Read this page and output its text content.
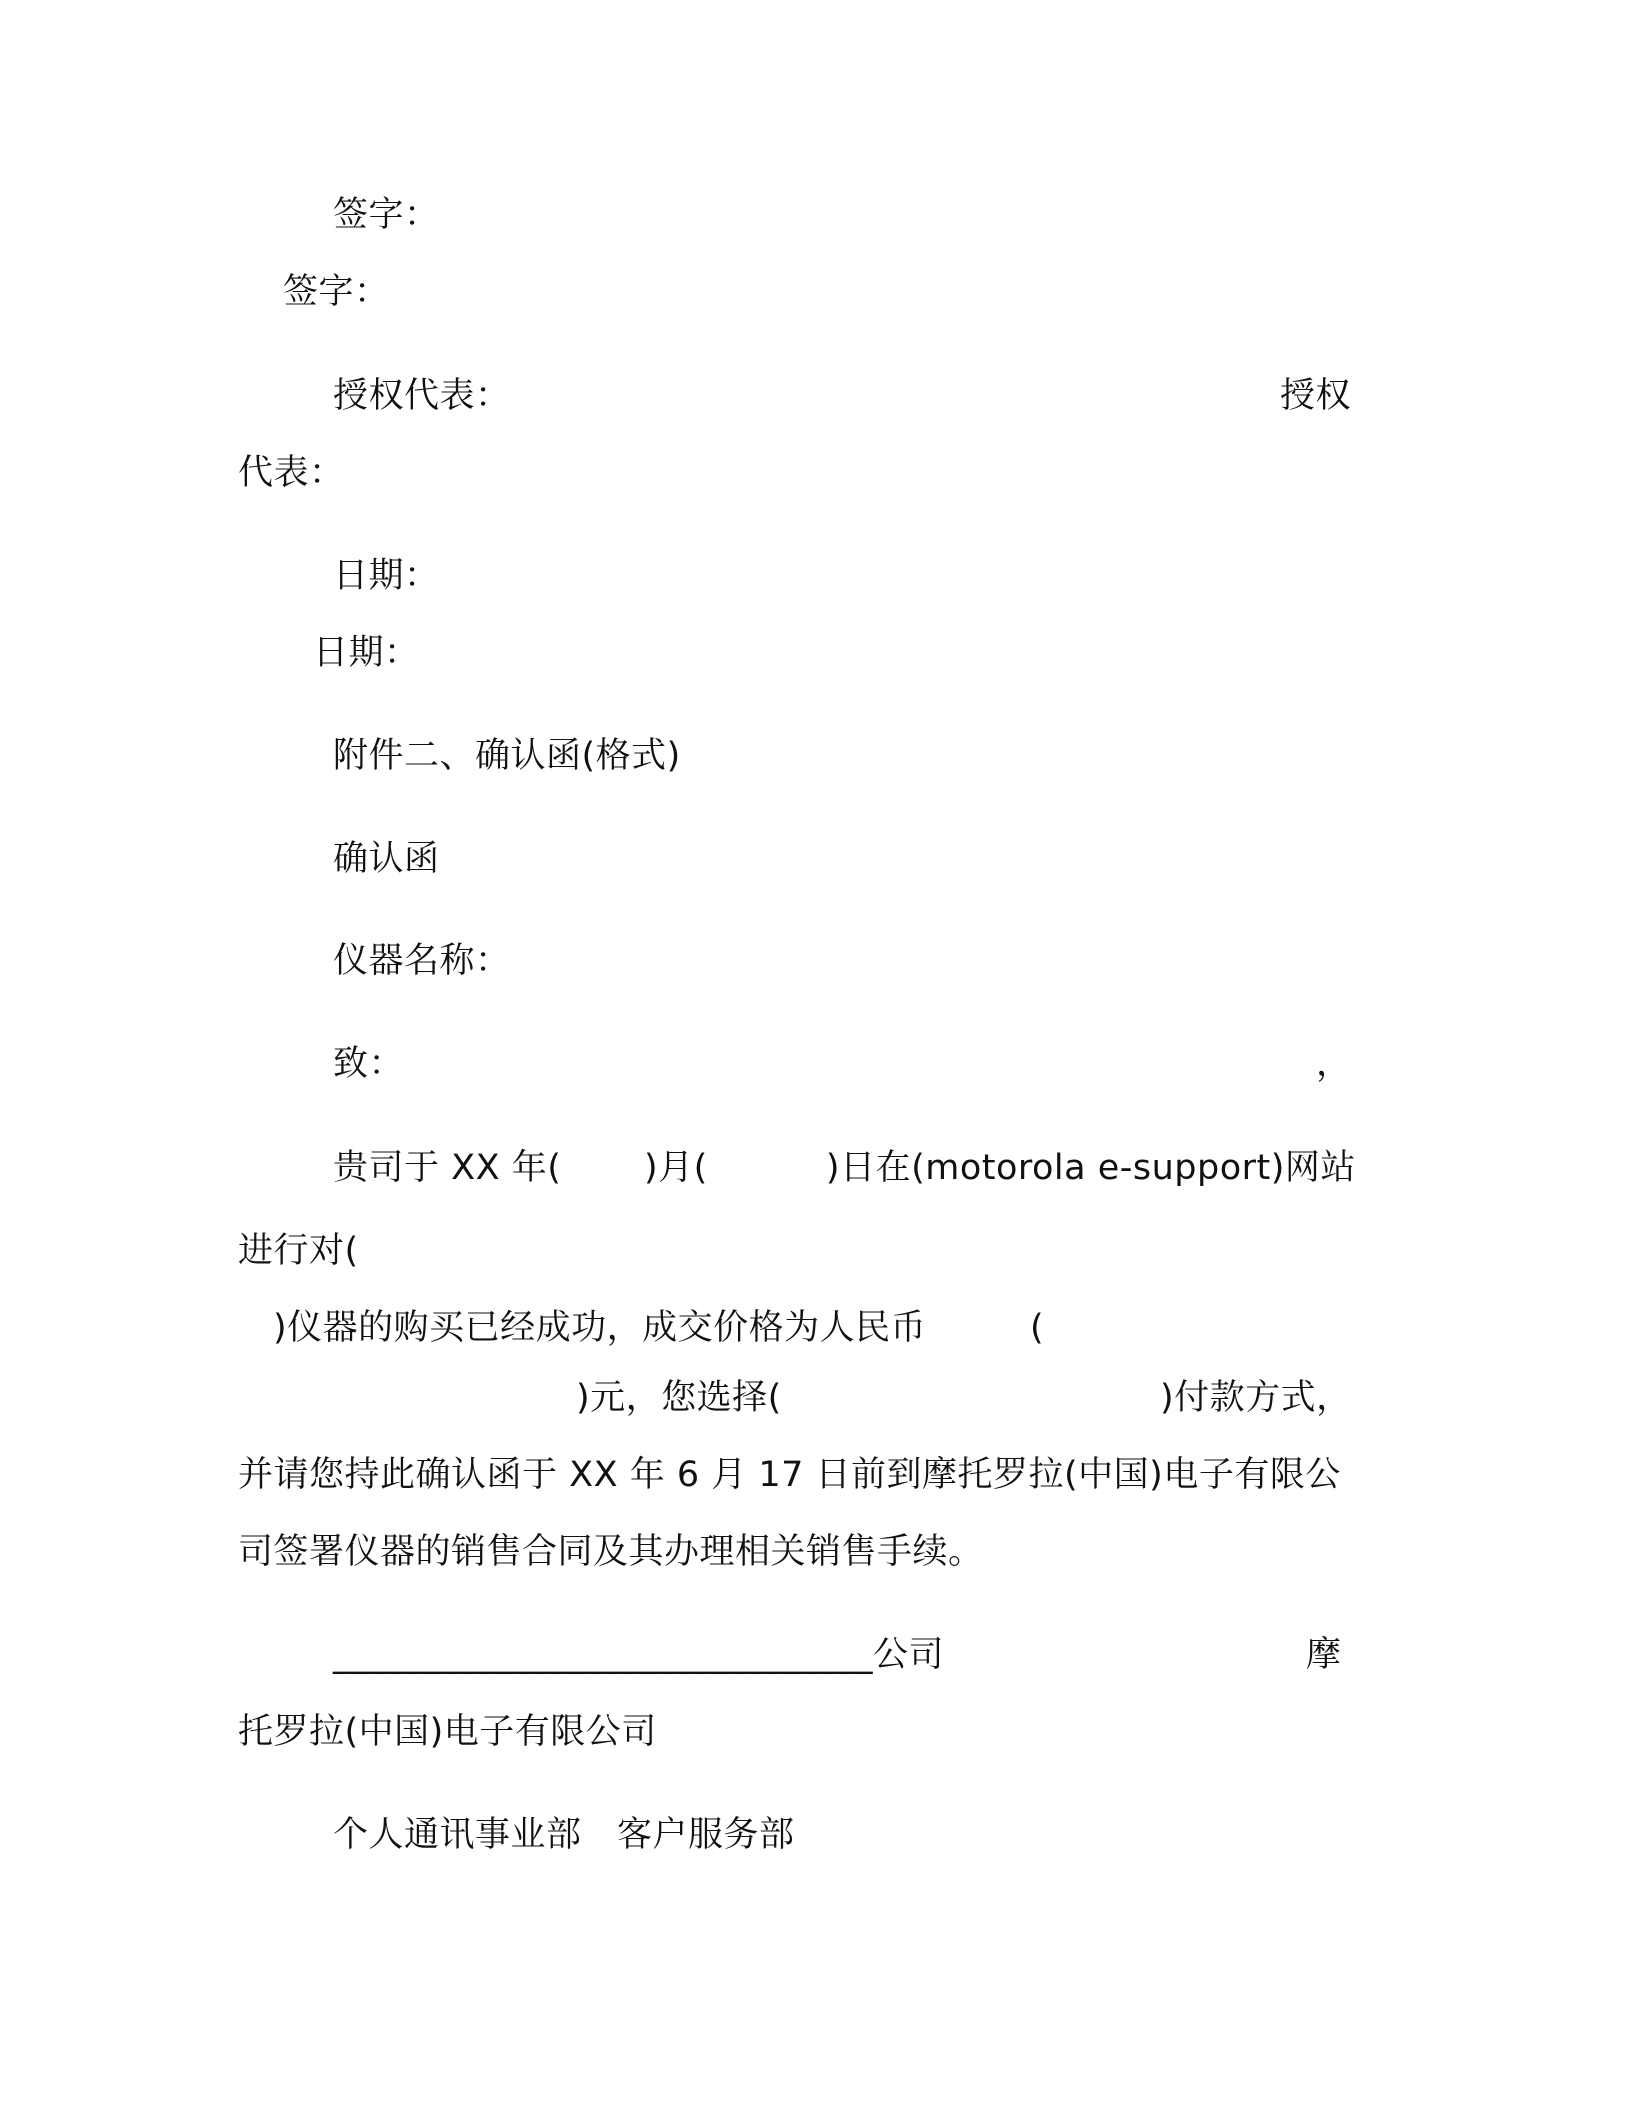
签字：
签字：
授权代表：	授权
代表：
日期：
日期：
附件二、确认函(格式)
确认函
仪器名称：
致：	，
贵司于 XX 年(　　 )月(　　　 )日在(motorola e-support)网站
进行对(
)仪器的购买已经成功，成交价格为人民币	(
)元，您选择(	)付款方式，
并请您持此确认函于 XX 年 6 月 17 日前到摩托罗拉(中国)电子有限公
司签署仪器的销售合同及其办理相关销售手续。
______________________________公司	摩
托罗拉(中国)电子有限公司
个人通讯事业部　客户服务部
